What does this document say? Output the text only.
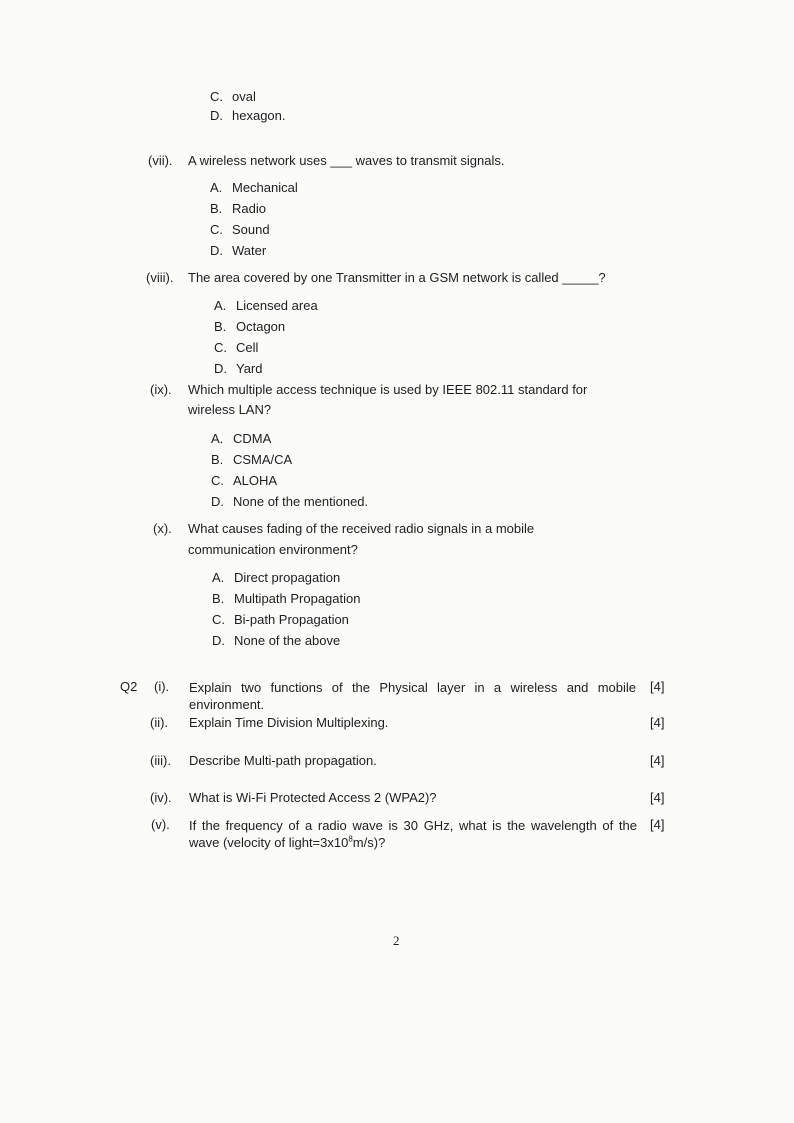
C. oval
D. hexagon.
(vii). A wireless network uses ___ waves to transmit signals.
A. Mechanical
B. Radio
C. Sound
D. Water
(viii). The area covered by one Transmitter in a GSM network is called _____?
A. Licensed area
B. Octagon
C. Cell
D. Yard
(ix). Which multiple access technique is used by IEEE 802.11 standard for
wireless LAN?
A. CDMA
B. CSMA/CA
C. ALOHA
D. None of the mentioned.
(x). What causes fading of the received radio signals in a mobile
communication environment?
A. Direct propagation
B. Multipath Propagation
C. Bi-path Propagation
D. None of the above
Q2 (i). Explain two functions of the Physical layer in a wireless and mobile environment.
[4]
(ii). Explain Time Division Multiplexing.	[4]
(iii). Describe Multi-path propagation.	[4]
(iv). What is Wi-Fi Protected Access 2 (WPA2)?	[4]
(v). If the frequency of a radio wave is 30 GHz, what is the wavelength of the wave (velocity of $light=3x10^8m/s$)?
[4]
2
